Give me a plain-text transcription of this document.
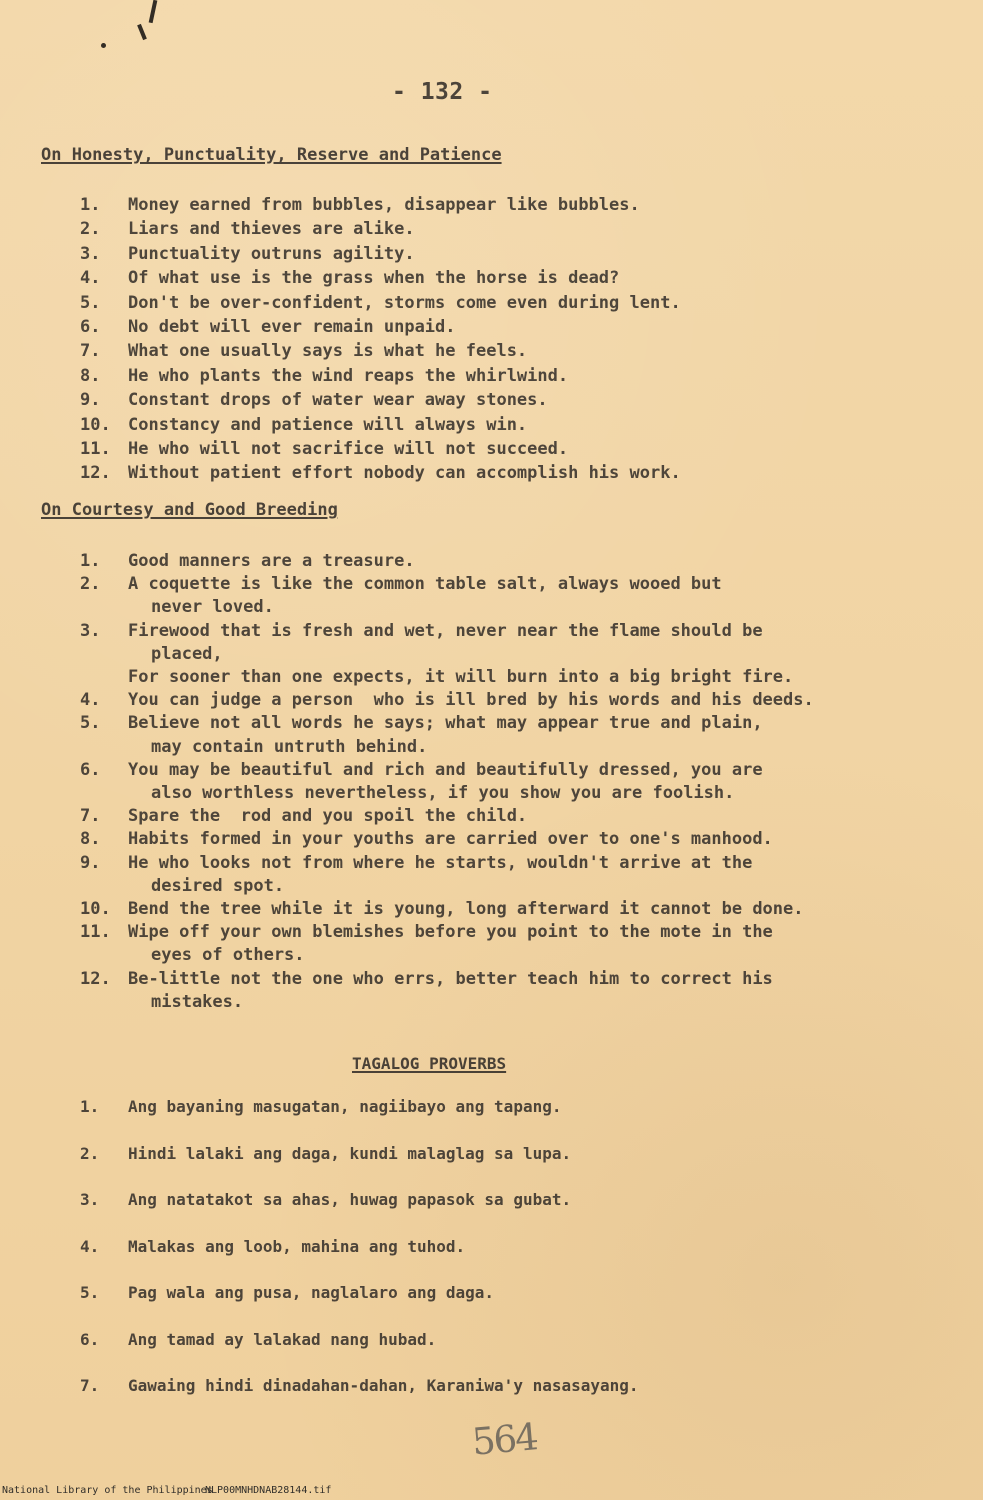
- 132 -
On Honesty, Punctuality, Reserve and Patience
1. Money earned from bubbles, disappear like bubbles.
2. Liars and thieves are alike.
3. Punctuality outruns agility.
4. Of what use is the grass when the horse is dead?
5. Don't be over-confident, storms come even during lent.
6. No debt will ever remain unpaid.
7. What one usually says is what he feels.
8. He who plants the wind reaps the whirlwind.
9. Constant drops of water wear away stones.
10. Constancy and patience will always win.
11. He who will not sacrifice will not succeed.
12. Without patient effort nobody can accomplish his work.
On Courtesy and Good Breeding
1. Good manners are a treasure.
2. A coquette is like the common table salt, always wooed but
never loved.
3. Firewood that is fresh and wet, never near the flame should be
placed,
For sooner than one expects, it will burn into a big bright fire.
4. You can judge a person  who is ill bred by his words and his deeds.
5. Believe not all words he says; what may appear true and plain,
may contain untruth behind.
6. You may be beautiful and rich and beautifully dressed, you are
also worthless nevertheless, if you show you are foolish.
7. Spare the  rod and you spoil the child.
8. Habits formed in your youths are carried over to one's manhood.
9. He who looks not from where he starts, wouldn't arrive at the
desired spot.
10. Bend the tree while it is young, long afterward it cannot be done.
11. Wipe off your own blemishes before you point to the mote in the
eyes of others.
12. Be-little not the one who errs, better teach him to correct his
mistakes.
TAGALOG PROVERBS
1. Ang bayaning masugatan, nagiibayo ang tapang.
2. Hindi lalaki ang daga, kundi malaglag sa lupa.
3. Ang natatakot sa ahas, huwag papasok sa gubat.
4. Malakas ang loob, mahina ang tuhod.
5. Pag wala ang pusa, naglalaro ang daga.
6. Ang tamad ay lalakad nang hubad.
7. Gawaing hindi dinadahan-dahan, Karaniwa'y nasasayang.
564
National Library of the Philippines
NLP00MNHDNAB28144.tif
